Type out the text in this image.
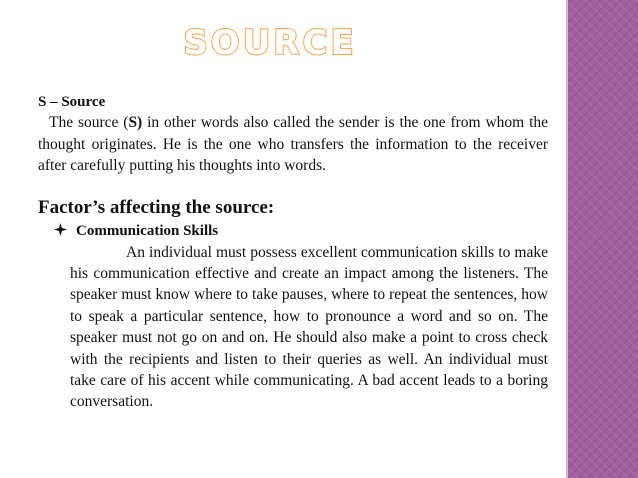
SOURCE
S – Source

The source (S) in other words also called the sender is the one from whom the thought originates. He is the one who transfers the information to the receiver after carefully putting his thoughts into words.

Factor’s affecting the source:
Communication Skills

An individual must possess excellent communication skills to make his communication effective and create an impact among the listeners. The speaker must know where to take pauses, where to repeat the sentences, how to speak a particular sentence, how to pronounce a word and so on. The speaker must not go on and on. He should also make a point to cross check with the recipients and listen to their queries as well. An individual must take care of his accent while communicating. A bad accent leads to a boring conversation.
